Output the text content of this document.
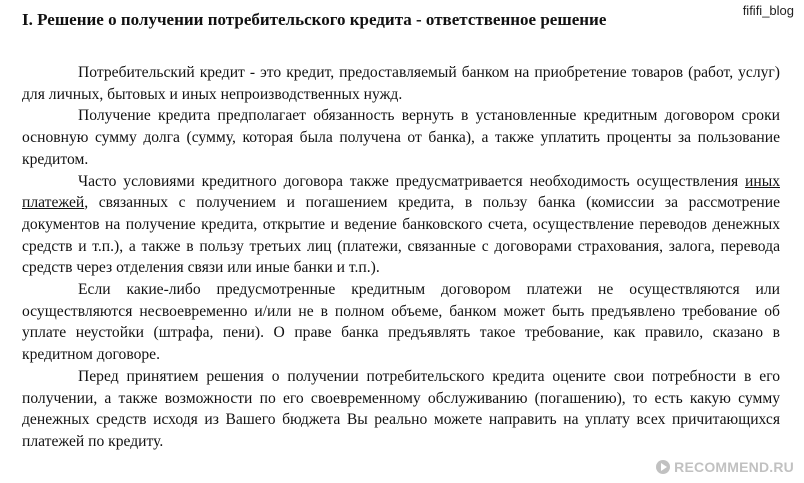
I. Решение о получении потребительского кредита - ответственное решение	fififi_blog

Потребительский кредит - это кредит, предоставляемый банком на приобретение товаров (работ, услуг) для личных, бытовых и иных непроизводственных нужд.

Получение кредита предполагает обязанность вернуть в установленные кредитным договором сроки основную сумму долга (сумму, которая была получена от банка), а также уплатить проценты за пользование кредитом.

Часто условиями кредитного договора также предусматривается необходимость осуществления иных платежей, связанных с получением и погашением кредита, в пользу банка (комиссии за рассмотрение документов на получение кредита, открытие и ведение банковского счета, осуществление переводов денежных средств и т.п.), а также в пользу третьих лиц (платежи, связанные с договорами страхования, залога, перевода средств через отделения связи или иные банки и т.п.).

Если какие-либо предусмотренные кредитным договором платежи не осуществляются или осуществляются несвоевременно и/или не в полном объеме, банком может быть предъявлено требование об уплате неустойки (штрафа, пени). О праве банка предъявлять такое требование, как правило, сказано в кредитном договоре.

Перед принятием решения о получении потребительского кредита оцените свои потребности в его получении, а также возможности по его своевременному обслуживанию (погашению), то есть какую сумму денежных средств исходя из Вашего бюджета Вы реально можете направить на уплату всех причитающихся платежей по кредиту.

RECOMMEND.RU
